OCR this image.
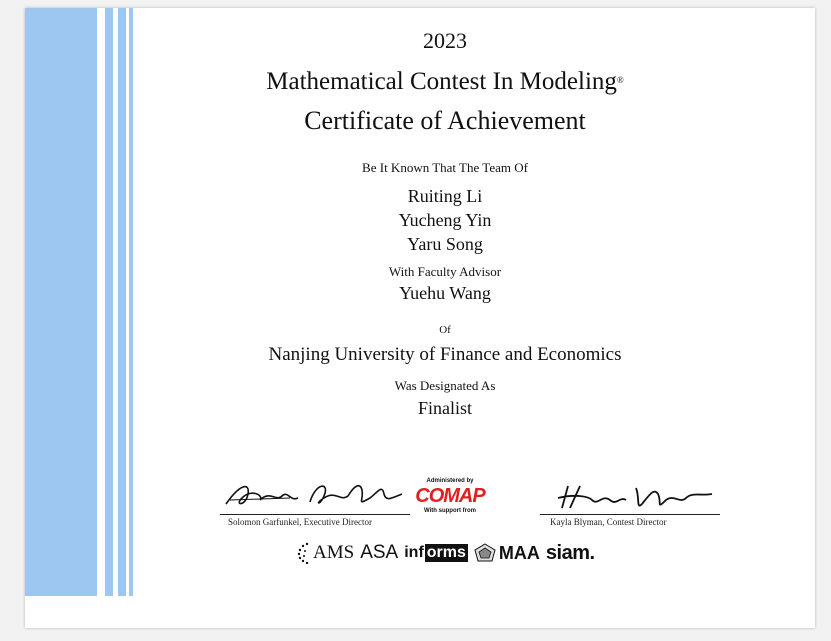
2023
Mathematical Contest In Modeling®
Certificate of Achievement
Be It Known That The Team Of
Ruiting Li
Yucheng Yin
Yaru Song
With Faculty Advisor
Yuehu Wang
Of
Nanjing University of Finance and Economics
Was Designated As
Finalist
Solomon Garfunkel, Executive Director
Administered by
COMAP
With support from
Kayla Blyman, Contest Director
AMS ASA inf orms MAA siam.
